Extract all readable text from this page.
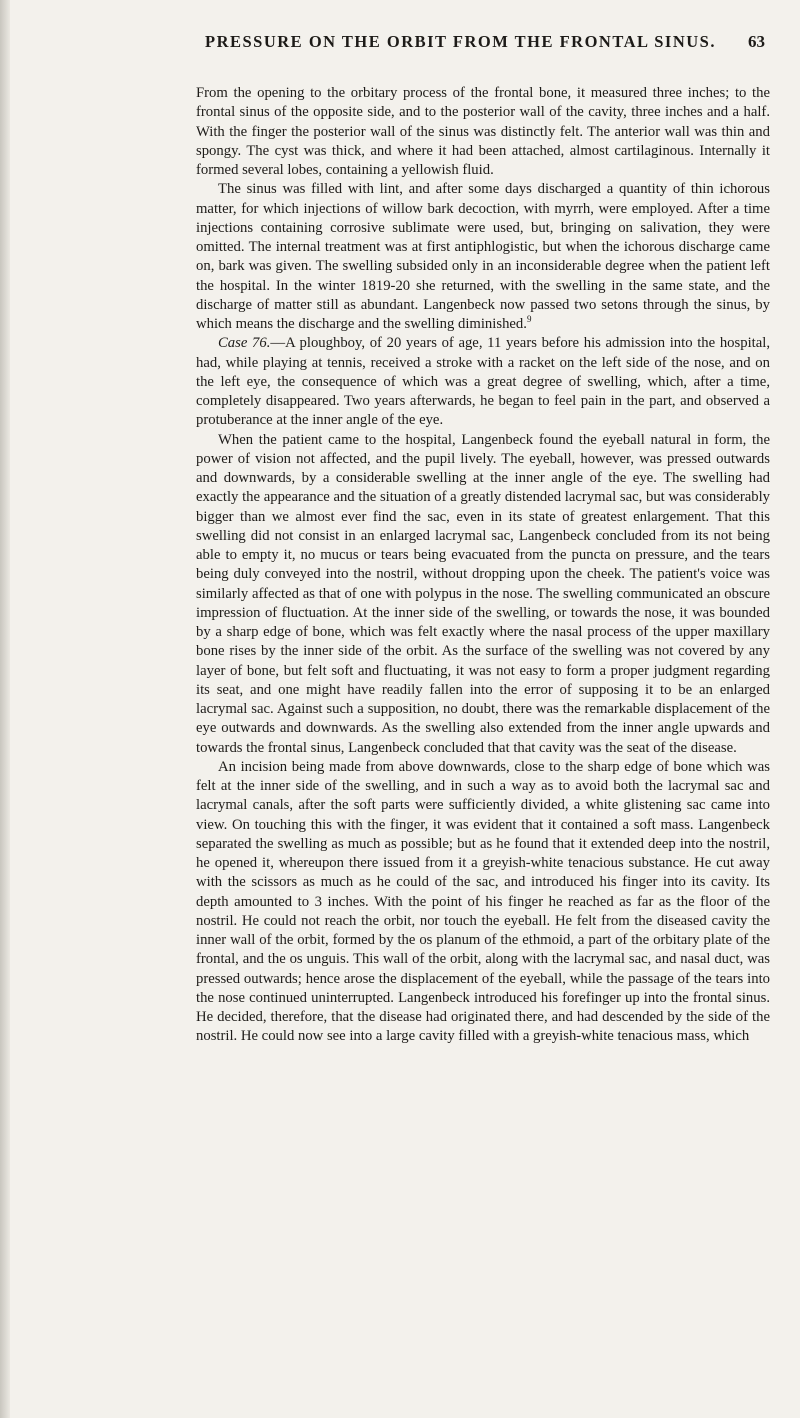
PRESSURE ON THE ORBIT FROM THE FRONTAL SINUS. 63

From the opening to the orbitary process of the frontal bone, it measured three inches; to the frontal sinus of the opposite side, and to the posterior wall of the cavity, three inches and a half. With the finger the posterior wall of the sinus was distinctly felt. The anterior wall was thin and spongy. The cyst was thick, and where it had been attached, almost cartilaginous. Internally it formed several lobes, containing a yellowish fluid.

The sinus was filled with lint, and after some days discharged a quantity of thin ichorous matter, for which injections of willow bark decoction, with myrrh, were employed. After a time injections containing corrosive sublimate were used, but, bringing on salivation, they were omitted. The internal treatment was at first antiphlogistic, but when the ichorous discharge came on, bark was given. The swelling subsided only in an inconsiderable degree when the patient left the hospital. In the winter 1819-20 she returned, with the swelling in the same state, and the discharge of matter still as abundant. Langenbeck now passed two setons through the sinus, by which means the discharge and the swelling diminished.$^9$

Case 76.—A ploughboy, of 20 years of age, 11 years before his admission into the hospital, had, while playing at tennis, received a stroke with a racket on the left side of the nose, and on the left eye, the consequence of which was a great degree of swelling, which, after a time, completely disappeared. Two years afterwards, he began to feel pain in the part, and observed a protuberance at the inner angle of the eye.

When the patient came to the hospital, Langenbeck found the eyeball natural in form, the power of vision not affected, and the pupil lively. The eyeball, however, was pressed outwards and downwards, by a considerable swelling at the inner angle of the eye. The swelling had exactly the appearance and the situation of a greatly distended lacrymal sac, but was considerably bigger than we almost ever find the sac, even in its state of greatest enlargement. That this swelling did not consist in an enlarged lacrymal sac, Langenbeck concluded from its not being able to empty it, no mucus or tears being evacuated from the puncta on pressure, and the tears being duly conveyed into the nostril, without dropping upon the cheek. The patient's voice was similarly affected as that of one with polypus in the nose. The swelling communicated an obscure impression of fluctuation. At the inner side of the swelling, or towards the nose, it was bounded by a sharp edge of bone, which was felt exactly where the nasal process of the upper maxillary bone rises by the inner side of the orbit. As the surface of the swelling was not covered by any layer of bone, but felt soft and fluctuating, it was not easy to form a proper judgment regarding its seat, and one might have readily fallen into the error of supposing it to be an enlarged lacrymal sac. Against such a supposition, no doubt, there was the remarkable displacement of the eye outwards and downwards. As the swelling also extended from the inner angle upwards and towards the frontal sinus, Langenbeck concluded that that cavity was the seat of the disease.

An incision being made from above downwards, close to the sharp edge of bone which was felt at the inner side of the swelling, and in such a way as to avoid both the lacrymal sac and lacrymal canals, after the soft parts were sufficiently divided, a white glistening sac came into view. On touching this with the finger, it was evident that it contained a soft mass. Langenbeck separated the swelling as much as possible; but as he found that it extended deep into the nostril, he opened it, whereupon there issued from it a greyish-white tenacious substance. He cut away with the scissors as much as he could of the sac, and introduced his finger into its cavity. Its depth amounted to 3 inches. With the point of his finger he reached as far as the floor of the nostril. He could not reach the orbit, nor touch the eyeball. He felt from the diseased cavity the inner wall of the orbit, formed by the os planum of the ethmoid, a part of the orbitary plate of the frontal, and the os unguis. This wall of the orbit, along with the lacrymal sac, and nasal duct, was pressed outwards; hence arose the displacement of the eyeball, while the passage of the tears into the nose continued uninterrupted. Langenbeck introduced his forefinger up into the frontal sinus. He decided, therefore, that the disease had originated there, and had descended by the side of the nostril. He could now see into a large cavity filled with a greyish-white tenacious mass, which
